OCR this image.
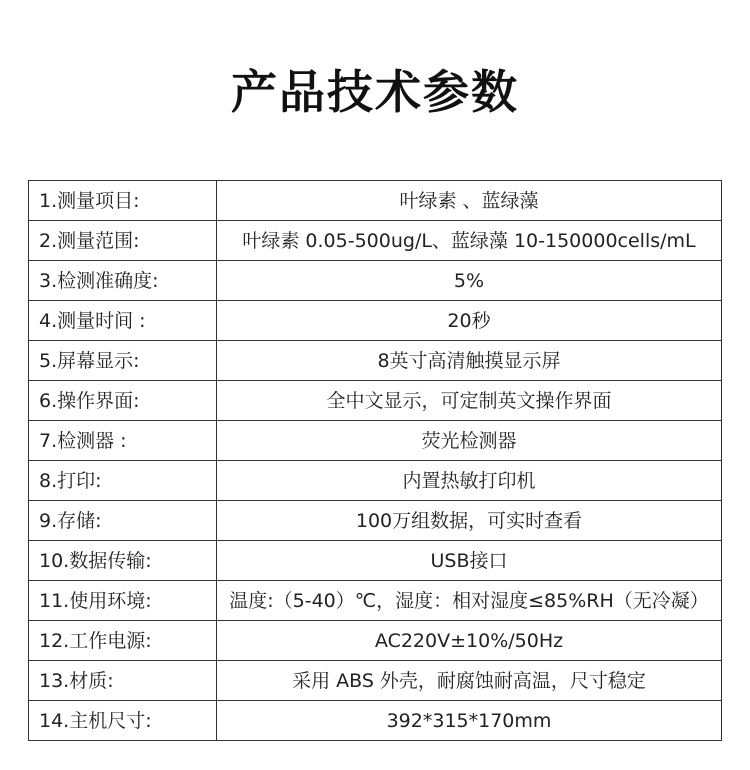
产品技术参数
1.测量项目:	叶绿素 、蓝绿藻
2.测量范围:	叶绿素 0.05-500ug/L、蓝绿藻 10-150000cells/mL
3.检测准确度:	5%
4.测量时间 :	20秒
5.屏幕显示:	8英寸高清触摸显示屏
6.操作界面:	全中文显示，可定制英文操作界面
7.检测器 :	荧光检测器
8.打印:	内置热敏打印机
9.存储:	100万组数据，可实时查看
10.数据传输:	USB接口
11.使用环境:	温度:（5-40）℃，湿度：相对湿度≤85%RH（无冷凝）
12.工作电源:	AC220V±10%/50Hz
13.材质:	采用 ABS 外壳，耐腐蚀耐高温，尺寸稳定
14.主机尺寸:	392*315*170mm
